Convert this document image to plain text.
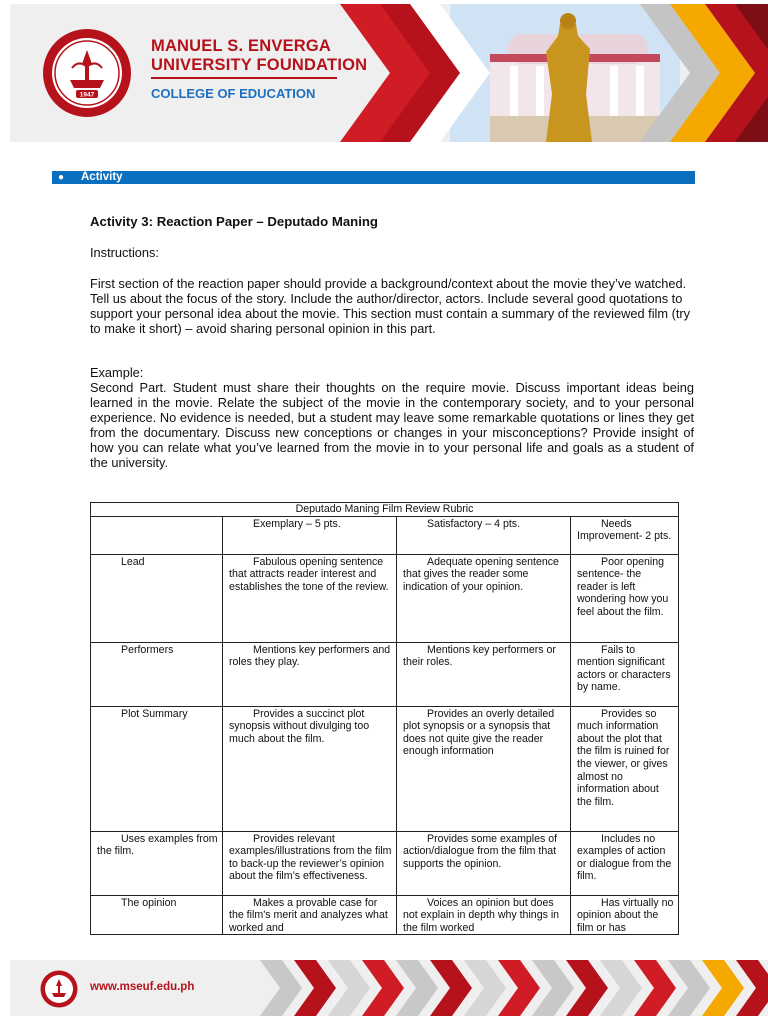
1947
MANUEL S. ENVERGA
UNIVERSITY FOUNDATION
COLLEGE OF EDUCATION
● Activity
Activity 3: Reaction Paper – Deputado Maning
Instructions:
First section of the reaction paper should provide a background/context about the movie they’ve watched. Tell us about the focus of the story. Include the author/director, actors. Include several good quotations to support your personal idea about the movie. This section must contain a summary of the reviewed film (try to make it short) – avoid sharing personal opinion in this part.
Example:
Second Part. Student must share their thoughts on the require movie. Discuss important ideas being learned in the movie. Relate the subject of the movie in the contemporary society, and to your personal experience. No evidence is needed, but a student may leave some remarkable quotations or lines they get from the documentary. Discuss new conceptions or changes in your misconceptions? Provide insight of how you can relate what you’ve learned from the movie in to your personal life and goals as a student of the university.
Deputado Maning Film Review Rubric			
	Exemplary – 5 pts.	Satisfactory – 4 pts.	Needs Improvement- 2 pts.
Lead	Fabulous opening sentence that attracts reader interest and establishes the tone of the review.	Adequate opening sentence that gives the reader some indication of your opinion.	Poor opening sentence- the reader is left wondering how you feel about the film.
Performers	Mentions key performers and roles they play.	Mentions key performers or their roles.	Fails to mention significant actors or characters by name.
Plot Summary	Provides a succinct plot synopsis without divulging too much about the film.	Provides an overly detailed plot synopsis or a synopsis that does not quite give the reader enough information	Provides so much information about the plot that the film is ruined for the viewer, or gives almost no information about the film.
Uses examples from the film.	Provides relevant examples/illustrations from the film to back-up the reviewer’s opinion about the film’s effectiveness.	Provides some examples of action/dialogue from the film that supports the opinion.	Includes no examples of action or dialogue from the film.
The opinion	Makes a provable case for the film’s merit and analyzes what worked and	Voices an opinion but does not explain in depth why things in the film worked	Has virtually no opinion about the film or has
www.mseuf.edu.ph
